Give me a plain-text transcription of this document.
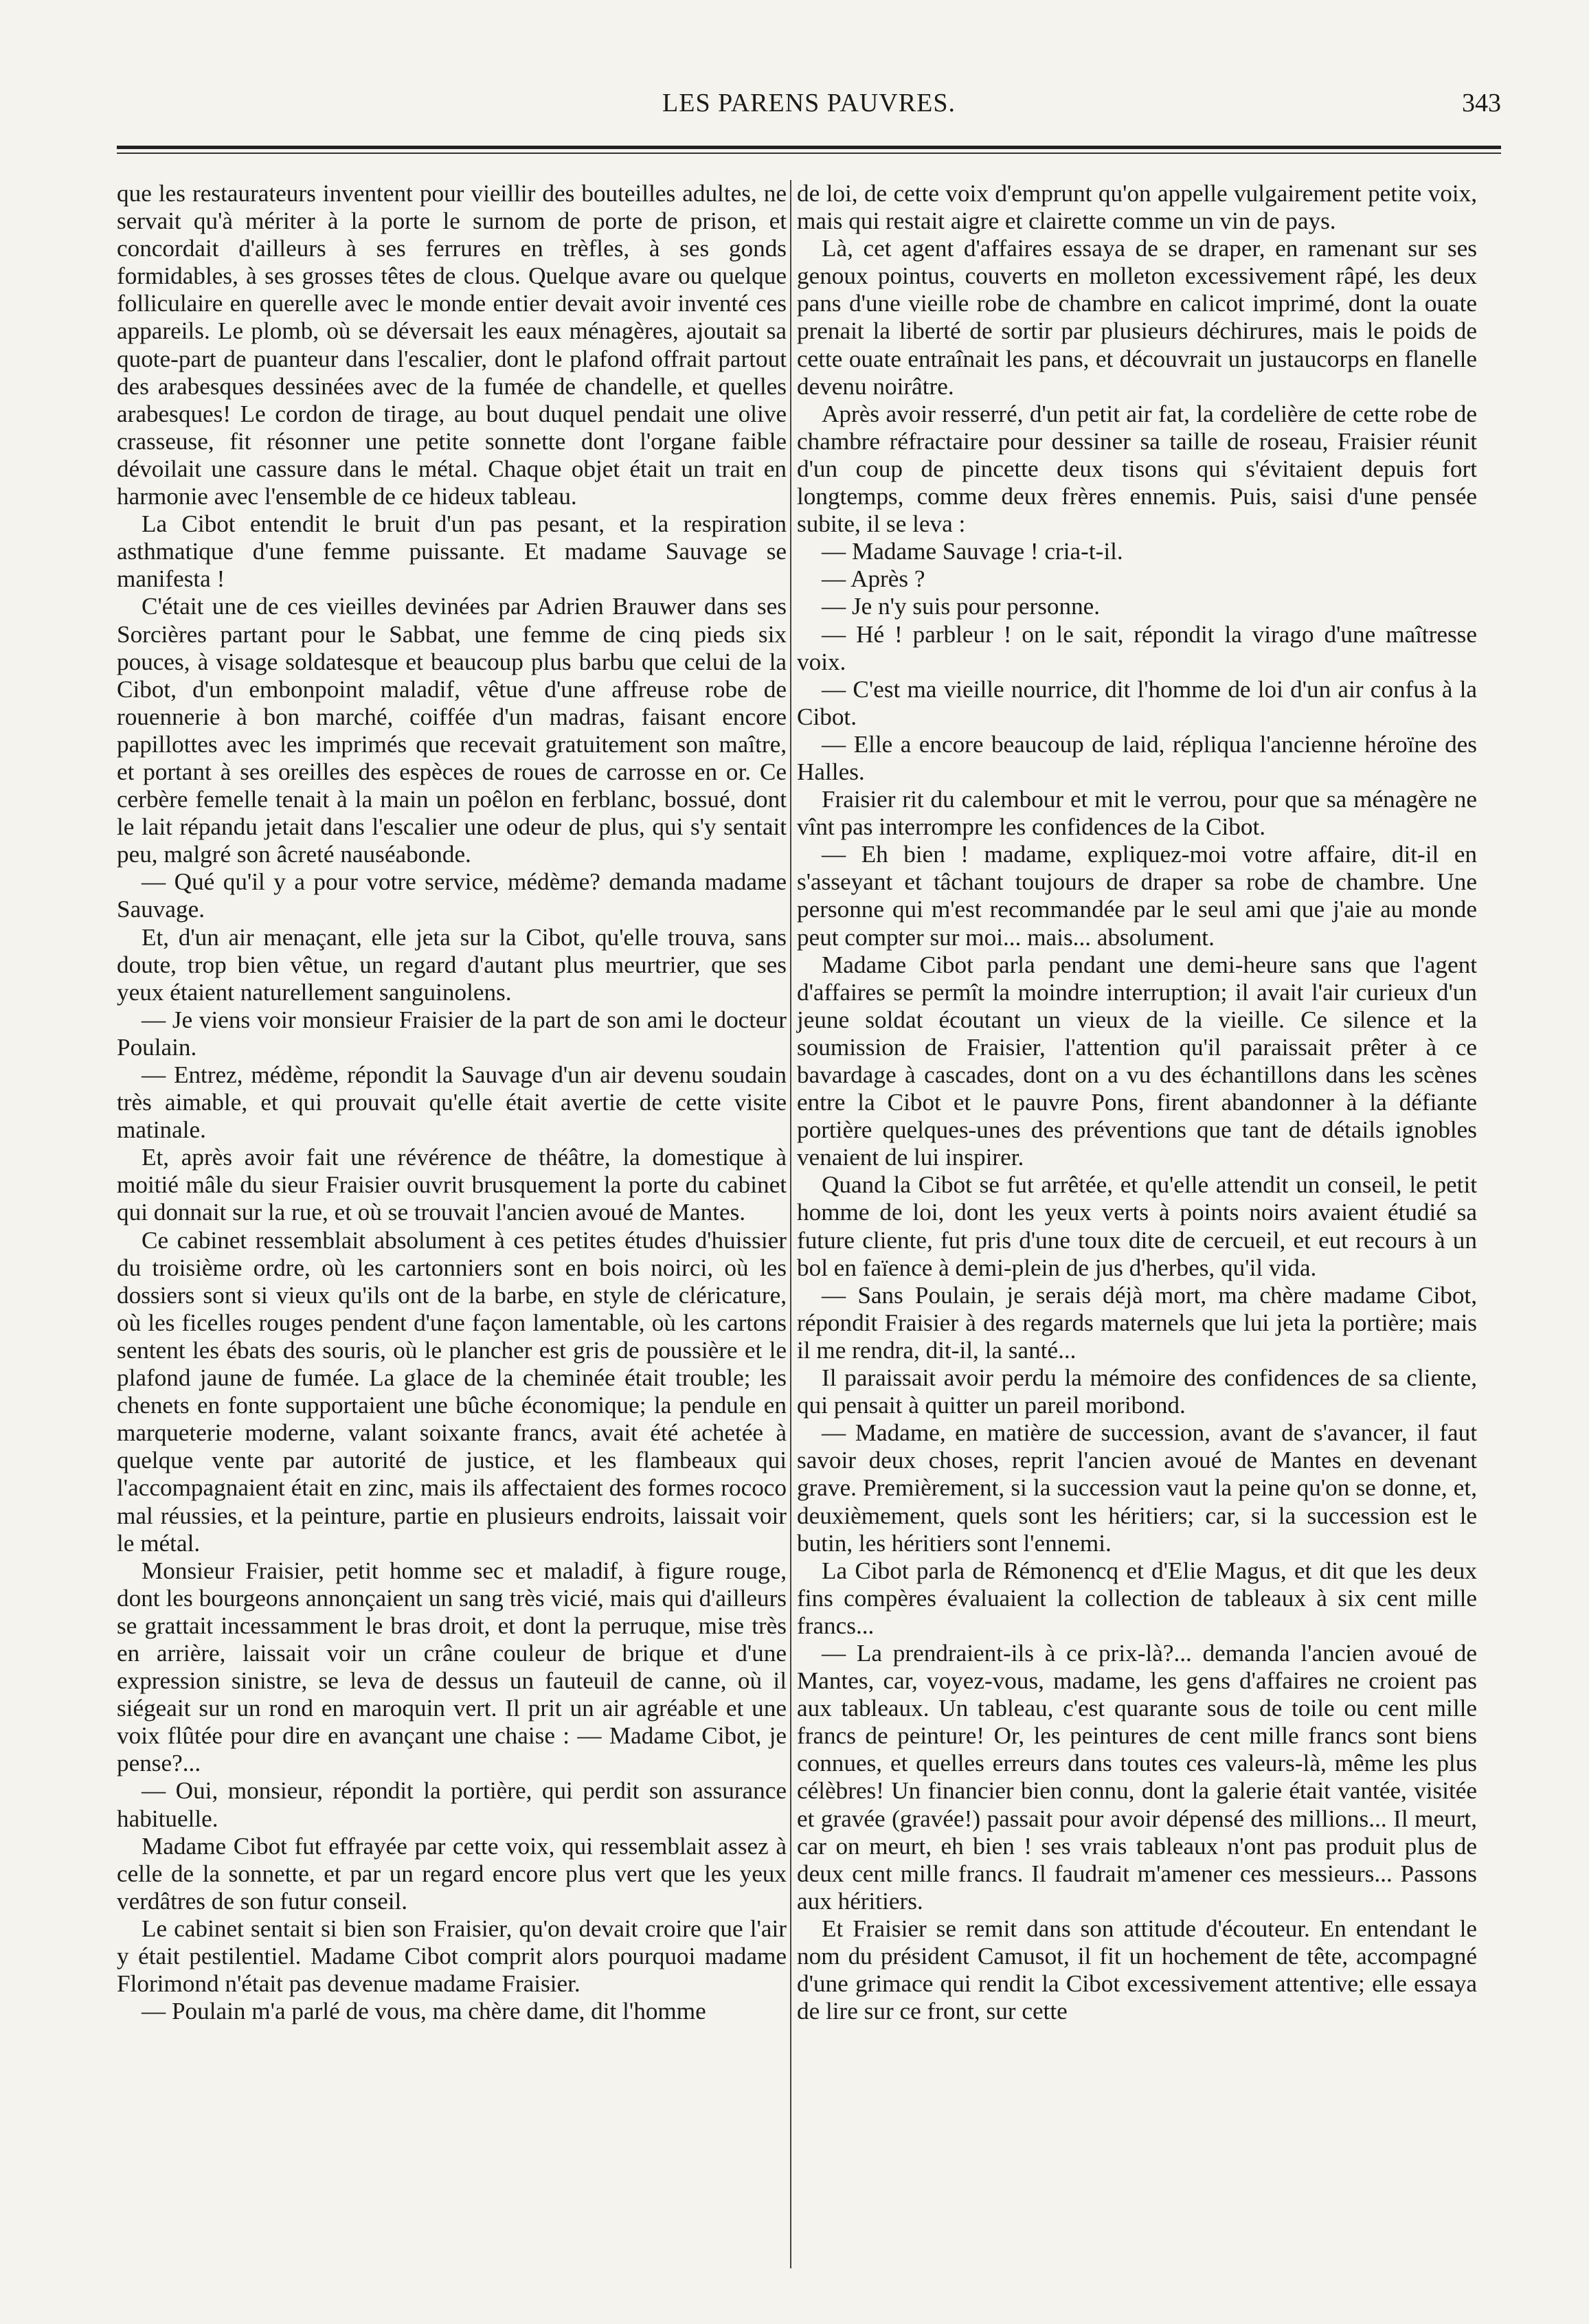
LES PARENS PAUVRES.	343

que les restaurateurs inventent pour vieillir des bouteilles adultes, ne servait qu'à mériter à la porte le surnom de porte de prison, et concordait d'ailleurs à ses ferrures en trèfles, à ses gonds formidables, à ses grosses têtes de clous. Quelque avare ou quelque folliculaire en querelle avec le monde entier devait avoir inventé ces appareils. Le plomb, où se déversait les eaux ménagères, ajoutait sa quote-part de puanteur dans l'escalier, dont le plafond offrait partout des arabesques dessinées avec de la fumée de chandelle, et quelles arabesques! Le cordon de tirage, au bout duquel pendait une olive crasseuse, fit résonner une petite sonnette dont l'organe faible dévoilait une cassure dans le métal. Chaque objet était un trait en harmonie avec l'ensemble de ce hideux tableau.

La Cibot entendit le bruit d'un pas pesant, et la respiration asthmatique d'une femme puissante. Et madame Sauvage se manifesta !

C'était une de ces vieilles devinées par Adrien Brauwer dans ses Sorcières partant pour le Sabbat, une femme de cinq pieds six pouces, à visage soldatesque et beaucoup plus barbu que celui de la Cibot, d'un embonpoint maladif, vêtue d'une affreuse robe de rouennerie à bon marché, coiffée d'un madras, faisant encore papillottes avec les imprimés que recevait gratuitement son maître, et portant à ses oreilles des espèces de roues de carrosse en or. Ce cerbère femelle tenait à la main un poêlon en ferblanc, bossué, dont le lait répandu jetait dans l'escalier une odeur de plus, qui s'y sentait peu, malgré son âcreté nauséabonde.

— Qué qu'il y a pour votre service, médème? demanda madame Sauvage.

Et, d'un air menaçant, elle jeta sur la Cibot, qu'elle trouva, sans doute, trop bien vêtue, un regard d'autant plus meurtrier, que ses yeux étaient naturellement sanguinolens.

— Je viens voir monsieur Fraisier de la part de son ami le docteur Poulain.

— Entrez, médème, répondit la Sauvage d'un air devenu soudain très aimable, et qui prouvait qu'elle était avertie de cette visite matinale.

Et, après avoir fait une révérence de théâtre, la domestique à moitié mâle du sieur Fraisier ouvrit brusquement la porte du cabinet qui donnait sur la rue, et où se trouvait l'ancien avoué de Mantes.

Ce cabinet ressemblait absolument à ces petites études d'huissier du troisième ordre, où les cartonniers sont en bois noirci, où les dossiers sont si vieux qu'ils ont de la barbe, en style de cléricature, où les ficelles rouges pendent d'une façon lamentable, où les cartons sentent les ébats des souris, où le plancher est gris de poussière et le plafond jaune de fumée. La glace de la cheminée était trouble; les chenets en fonte supportaient une bûche économique; la pendule en marqueterie moderne, valant soixante francs, avait été achetée à quelque vente par autorité de justice, et les flambeaux qui l'accompagnaient était en zinc, mais ils affectaient des formes rococo mal réussies, et la peinture, partie en plusieurs endroits, laissait voir le métal.

Monsieur Fraisier, petit homme sec et maladif, à figure rouge, dont les bourgeons annonçaient un sang très vicié, mais qui d'ailleurs se grattait incessamment le bras droit, et dont la perruque, mise très en arrière, laissait voir un crâne couleur de brique et d'une expression sinistre, se leva de dessus un fauteuil de canne, où il siégeait sur un rond en maroquin vert. Il prit un air agréable et une voix flûtée pour dire en avançant une chaise : — Madame Cibot, je pense?...

— Oui, monsieur, répondit la portière, qui perdit son assurance habituelle.

Madame Cibot fut effrayée par cette voix, qui ressemblait assez à celle de la sonnette, et par un regard encore plus vert que les yeux verdâtres de son futur conseil.

Le cabinet sentait si bien son Fraisier, qu'on devait croire que l'air y était pestilentiel. Madame Cibot comprit alors pourquoi madame Florimond n'était pas devenue madame Fraisier.

— Poulain m'a parlé de vous, ma chère dame, dit l'homme

de loi, de cette voix d'emprunt qu'on appelle vulgairement petite voix, mais qui restait aigre et clairette comme un vin de pays.

Là, cet agent d'affaires essaya de se draper, en ramenant sur ses genoux pointus, couverts en molleton excessivement râpé, les deux pans d'une vieille robe de chambre en calicot imprimé, dont la ouate prenait la liberté de sortir par plusieurs déchirures, mais le poids de cette ouate entraînait les pans, et découvrait un justaucorps en flanelle devenu noirâtre.

Après avoir resserré, d'un petit air fat, la cordelière de cette robe de chambre réfractaire pour dessiner sa taille de roseau, Fraisier réunit d'un coup de pincette deux tisons qui s'évitaient depuis fort longtemps, comme deux frères ennemis. Puis, saisi d'une pensée subite, il se leva :

— Madame Sauvage ! cria-t-il.

— Après ?

— Je n'y suis pour personne.

— Hé ! parbleur ! on le sait, répondit la virago d'une maîtresse voix.

— C'est ma vieille nourrice, dit l'homme de loi d'un air confus à la Cibot.

— Elle a encore beaucoup de laid, répliqua l'ancienne héroïne des Halles.

Fraisier rit du calembour et mit le verrou, pour que sa ménagère ne vînt pas interrompre les confidences de la Cibot.

— Eh bien ! madame, expliquez-moi votre affaire, dit-il en s'asseyant et tâchant toujours de draper sa robe de chambre. Une personne qui m'est recommandée par le seul ami que j'aie au monde peut compter sur moi... mais... absolument.

Madame Cibot parla pendant une demi-heure sans que l'agent d'affaires se permît la moindre interruption; il avait l'air curieux d'un jeune soldat écoutant un vieux de la vieille. Ce silence et la soumission de Fraisier, l'attention qu'il paraissait prêter à ce bavardage à cascades, dont on a vu des échantillons dans les scènes entre la Cibot et le pauvre Pons, firent abandonner à la défiante portière quelques-unes des préventions que tant de détails ignobles venaient de lui inspirer.

Quand la Cibot se fut arrêtée, et qu'elle attendit un conseil, le petit homme de loi, dont les yeux verts à points noirs avaient étudié sa future cliente, fut pris d'une toux dite de cercueil, et eut recours à un bol en faïence à demi-plein de jus d'herbes, qu'il vida.

— Sans Poulain, je serais déjà mort, ma chère madame Cibot, répondit Fraisier à des regards maternels que lui jeta la portière; mais il me rendra, dit-il, la santé...

Il paraissait avoir perdu la mémoire des confidences de sa cliente, qui pensait à quitter un pareil moribond.

— Madame, en matière de succession, avant de s'avancer, il faut savoir deux choses, reprit l'ancien avoué de Mantes en devenant grave. Premièrement, si la succession vaut la peine qu'on se donne, et, deuxièmement, quels sont les héritiers; car, si la succession est le butin, les héritiers sont l'ennemi.

La Cibot parla de Rémonencq et d'Elie Magus, et dit que les deux fins compères évaluaient la collection de tableaux à six cent mille francs...

— La prendraient-ils à ce prix-là?... demanda l'ancien avoué de Mantes, car, voyez-vous, madame, les gens d'affaires ne croient pas aux tableaux. Un tableau, c'est quarante sous de toile ou cent mille francs de peinture! Or, les peintures de cent mille francs sont biens connues, et quelles erreurs dans toutes ces valeurs-là, même les plus célèbres! Un financier bien connu, dont la galerie était vantée, visitée et gravée (gravée!) passait pour avoir dépensé des millions... Il meurt, car on meurt, eh bien ! ses vrais tableaux n'ont pas produit plus de deux cent mille francs. Il faudrait m'amener ces messieurs... Passons aux héritiers.

Et Fraisier se remit dans son attitude d'écouteur. En entendant le nom du président Camusot, il fit un hochement de tête, accompagné d'une grimace qui rendit la Cibot excessivement attentive; elle essaya de lire sur ce front, sur cette
